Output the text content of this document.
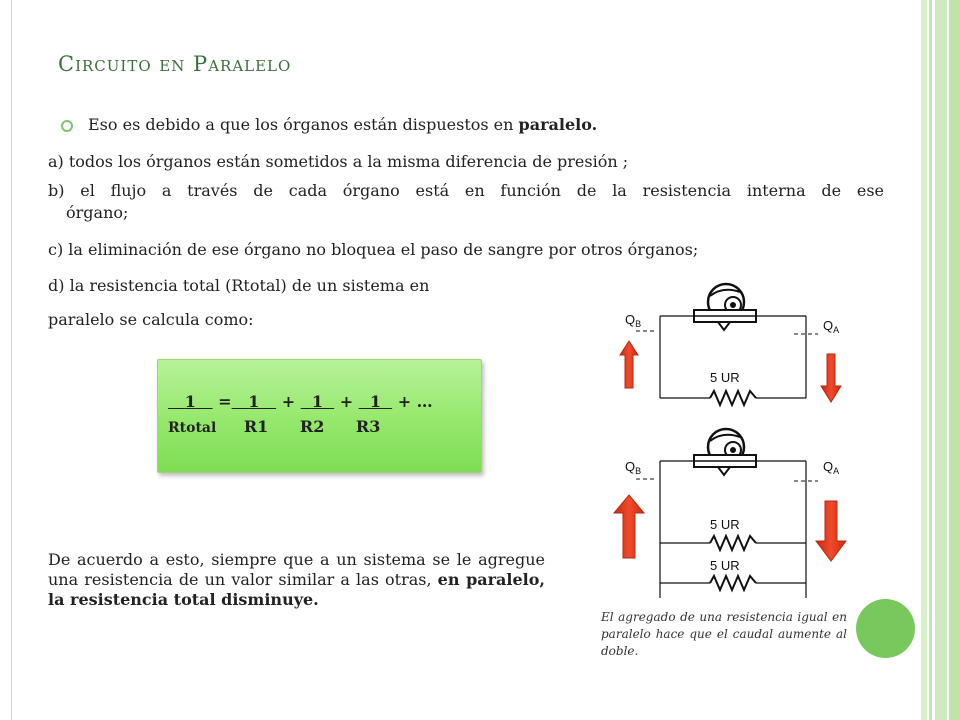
Circuito en Paralelo
Eso es debido a que los órganos están dispuestos en paralelo.
a) todos los órganos están sometidos a la misma diferencia de presión ;
b) el flujo a través de cada órgano está en función de la resistencia interna de ese
órgano;
c) la eliminación de ese órgano no bloquea el paso de sangre por otros órganos;
d) la resistencia total (Rtotal) de un sistema en
paralelo se calcula como:
1 = 1 + 1 + 1 + …
Rtotal R1 R2 R3
De acuerdo a esto, siempre que a un sistema se le agregue una resistencia de un valor similar a las otras, en paralelo, la resistencia total disminuye.
5 UR
$Q_B$	$Q_A$
5 UR
5 UR
$Q_B$	$Q_A$
El agregado de una resistencia igual en paralelo hace que el caudal aumente al doble.
